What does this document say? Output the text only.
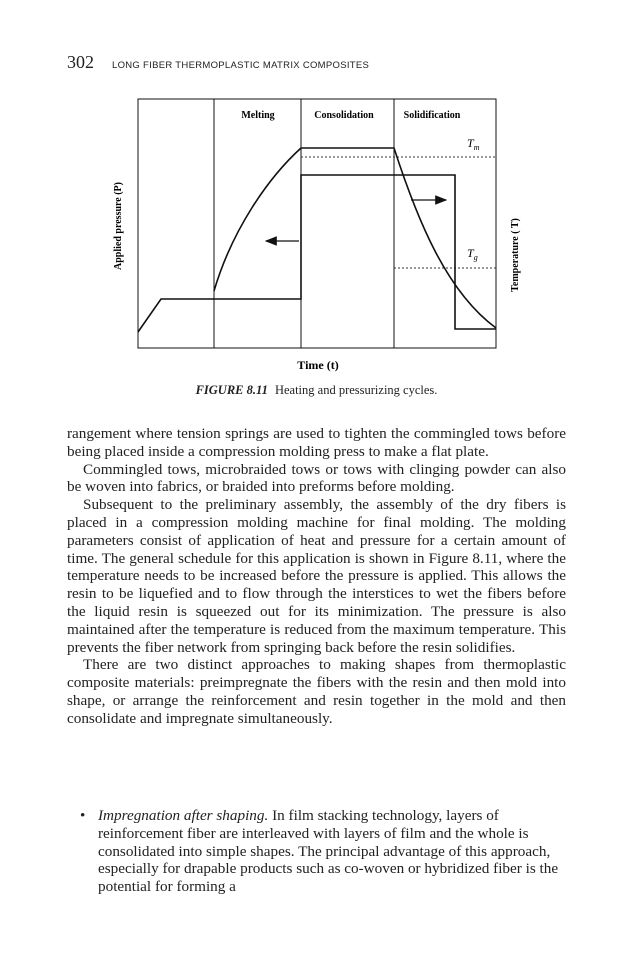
302 LONG FIBER THERMOPLASTIC MATRIX COMPOSITES
Melting	Consolidation	Solidification
$T_m$
$T_g$
Applied pressure (P)	Temperature ( T)
Time (t)
FIGURE 8.11 Heating and pressurizing cycles.

rangement where tension springs are used to tighten the commingled tows before being placed inside a compression molding press to make a flat plate.

Commingled tows, microbraided tows or tows with clinging powder can also be woven into fabrics, or braided into preforms before molding.

Subsequent to the preliminary assembly, the assembly of the dry fibers is placed in a compression molding machine for final molding. The molding parameters consist of application of heat and pressure for a certain amount of time. The general schedule for this application is shown in Figure 8.11, where the temperature needs to be increased before the pressure is applied. This allows the resin to be liquefied and to flow through the interstices to wet the fibers before the liquid resin is squeezed out for its minimization. The pressure is also maintained after the temperature is reduced from the maximum temperature. This prevents the fiber network from springing back before the resin solidifies.

There are two distinct approaches to making shapes from thermoplastic composite materials: preimpregnate the fibers with the resin and then mold into shape, or arrange the reinforcement and resin together in the mold and then consolidate and impregnate simultaneously.

• Impregnation after shaping. In film stacking technology, layers of reinforcement fiber are interleaved with layers of film and the whole is consolidated into simple shapes. The principal advantage of this approach, especially for drapable products such as co-woven or hybridized fiber is the potential for forming a
